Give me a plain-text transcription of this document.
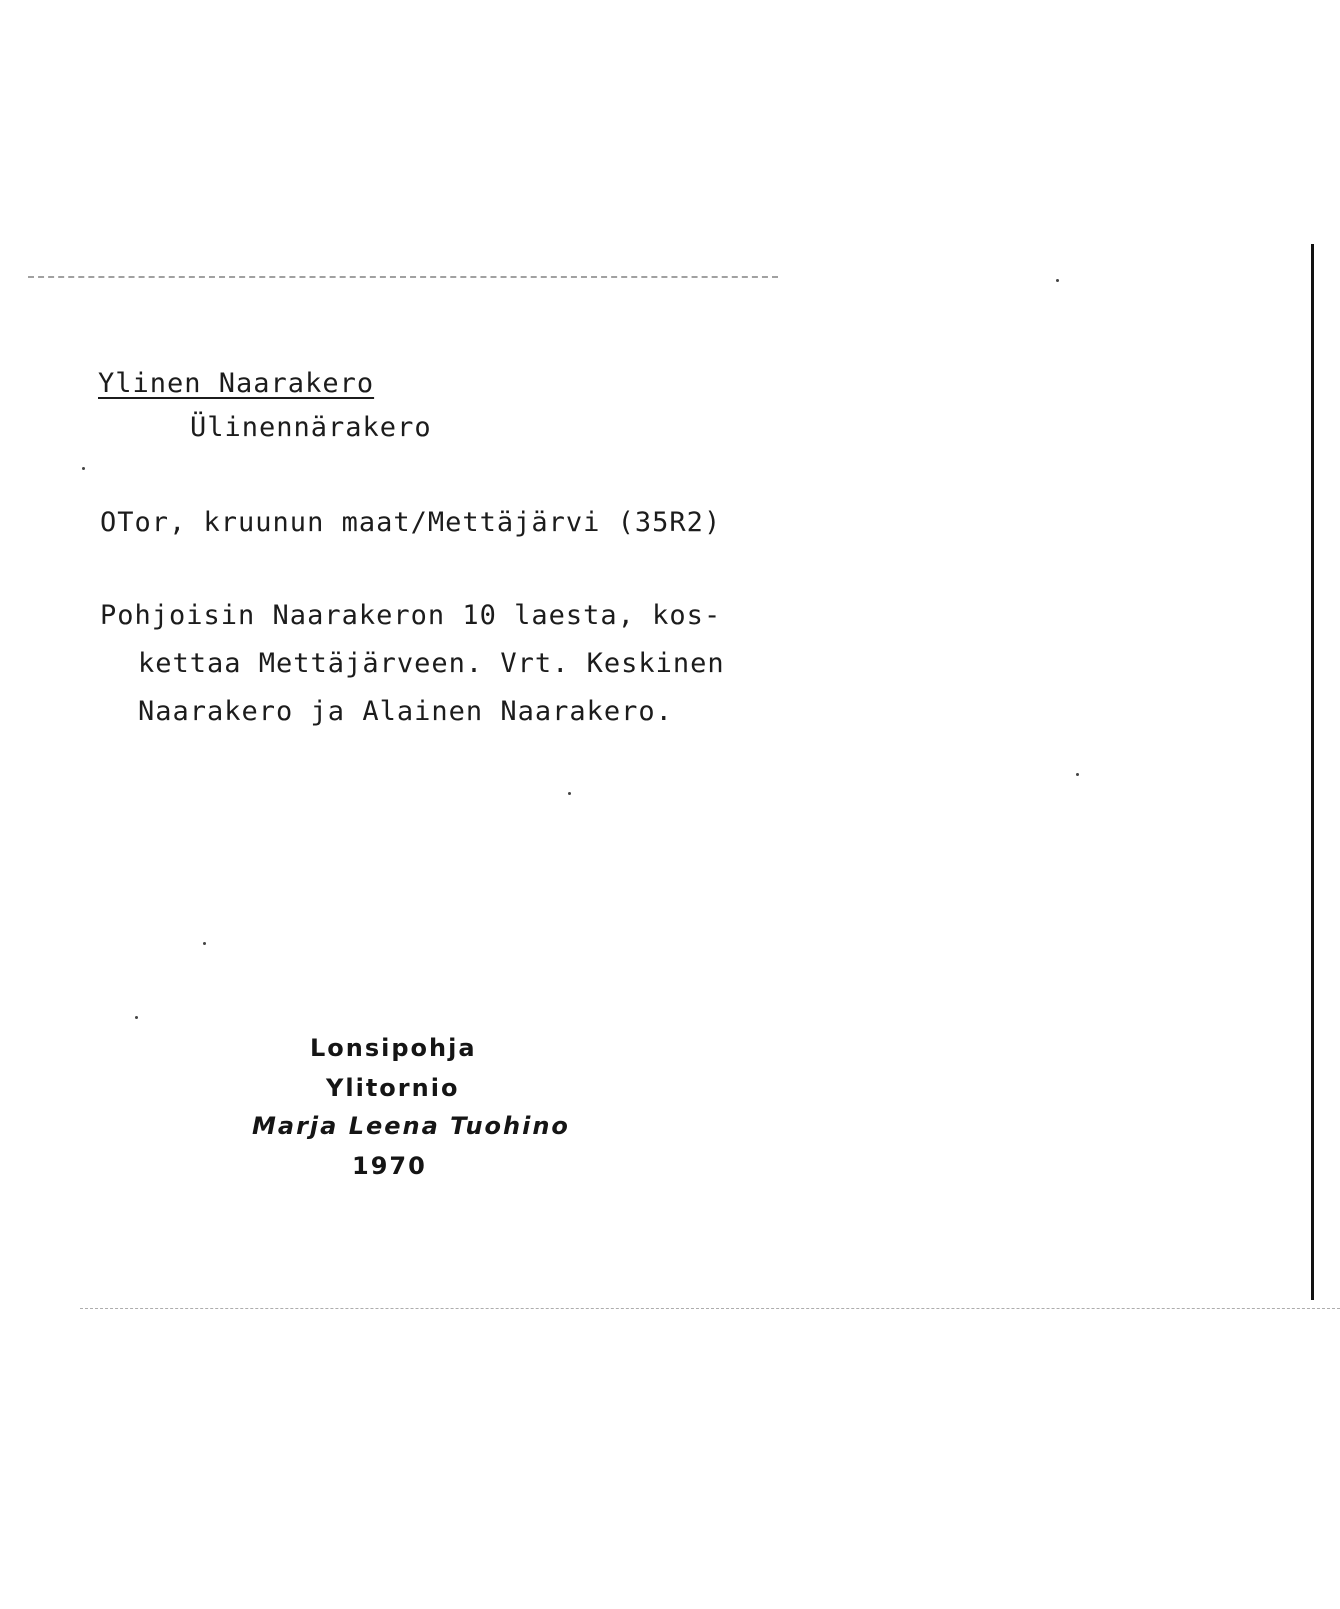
Ylinen Naarakero
Ülinennärakero
OTor, kruunun maat/Mettäjärvi (35R2)
Pohjoisin Naarakeron 10 laesta, kos-
kettaa Mettäjärveen. Vrt. Keskinen
Naarakero ja Alainen Naarakero.
Lonsipohja
Ylitornio
Marja Leena Tuohino
1970
